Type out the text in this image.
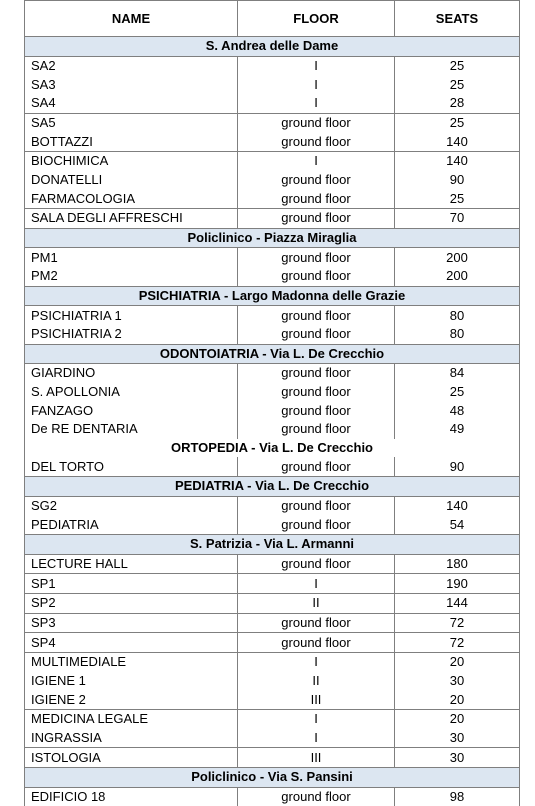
NAME	FLOOR	SEATS
S. Andrea delle Dame		
SA2	I	25
SA3	I	25
SA4	I	28
SA5	ground floor	25
BOTTAZZI	ground floor	140
BIOCHIMICA	I	140
DONATELLI	ground floor	90
FARMACOLOGIA	ground floor	25
SALA DEGLI AFFRESCHI	ground floor	70
Policlinico - Piazza Miraglia		
PM1	ground floor	200
PM2	ground floor	200
PSICHIATRIA - Largo Madonna delle Grazie		
PSICHIATRIA 1	ground floor	80
PSICHIATRIA 2	ground floor	80
ODONTOIATRIA - Via L. De Crecchio		
GIARDINO	ground floor	84
S. APOLLONIA	ground floor	25
FANZAGO	ground floor	48
De RE DENTARIA	ground floor	49
ORTOPEDIA - Via L. De Crecchio		
DEL TORTO	ground floor	90
PEDIATRIA - Via L. De Crecchio		
SG2	ground floor	140
PEDIATRIA	ground floor	54
S. Patrizia - Via L. Armanni		
LECTURE HALL	ground floor	180
SP1	I	190
SP2	II	144
SP3	ground floor	72
SP4	ground floor	72
MULTIMEDIALE	I	20
IGIENE 1	II	30
IGIENE 2	III	20
MEDICINA LEGALE	I	20
INGRASSIA	I	30
ISTOLOGIA	III	30
Policlinico - Via S. Pansini		
EDIFICIO 18	ground floor	98
